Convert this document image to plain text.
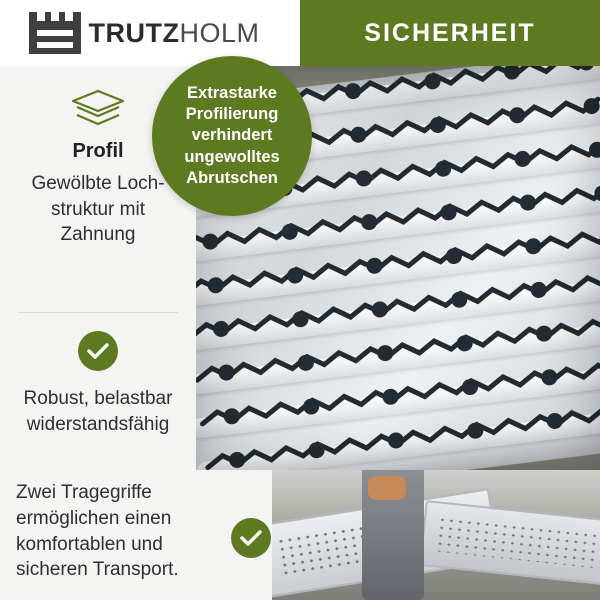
TRUTZHOLM	SICHERHEIT
Extrastarke Profilierung verhindert ungewolltes Abrutschen
Profil
Gewölbte Loch-struktur mit Zahnung
Robust, belastbar widerstandsfähig
Zwei Tragegriffe ermöglichen einen komfortablen und sicheren Transport.
